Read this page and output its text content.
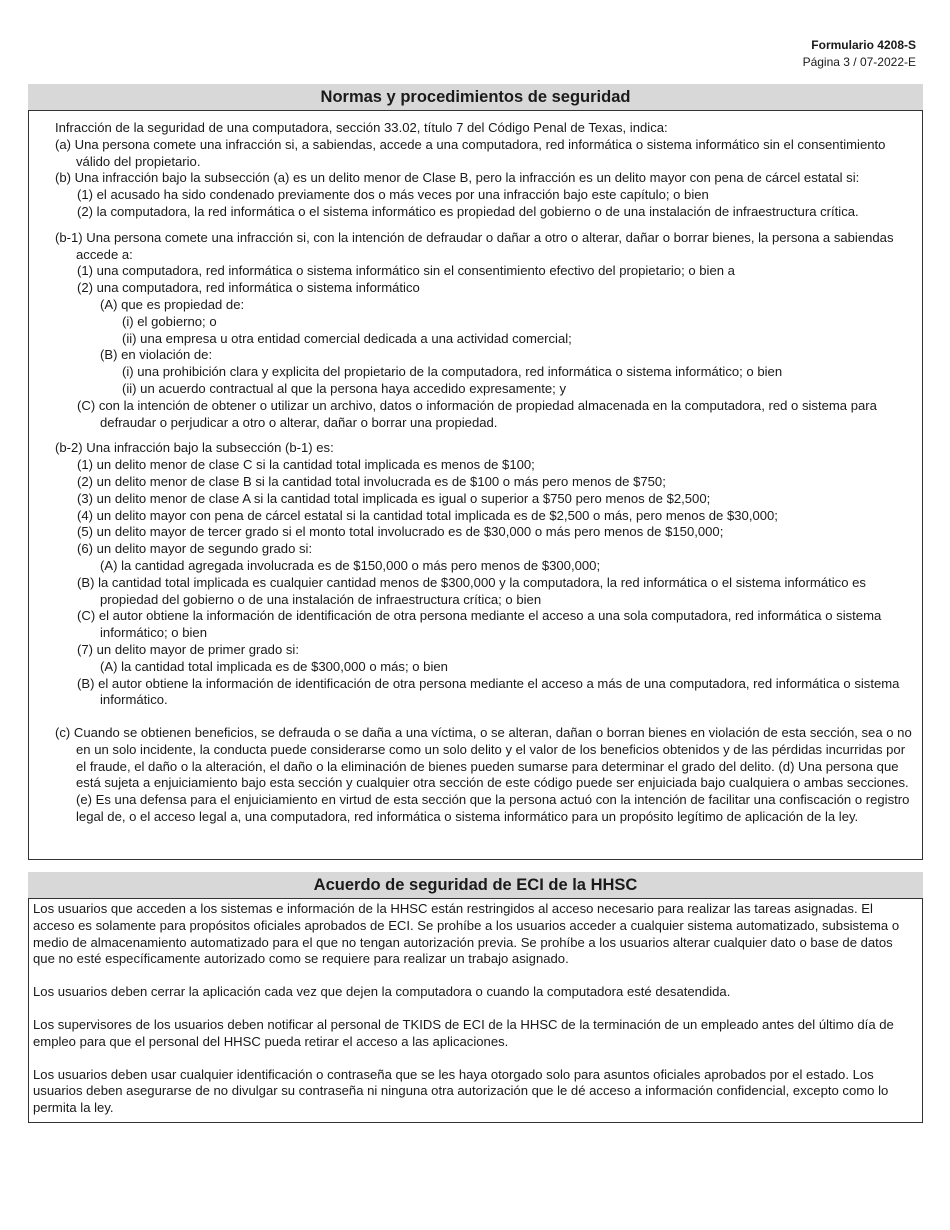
Formulario 4208-S
Página 3 / 07-2022-E
Normas y procedimientos de seguridad

Infracción de la seguridad de una computadora, sección 33.02, título 7 del Código Penal de Texas, indica:

(a) Una persona comete una infracción si, a sabiendas, accede a una computadora, red informática o sistema informático sin el consentimiento válido del propietario.

(b) Una infracción bajo la subsección (a) es un delito menor de Clase B, pero la infracción es un delito mayor con pena de cárcel estatal si:

(1) el acusado ha sido condenado previamente dos o más veces por una infracción bajo este capítulo; o bien

(2) la computadora, la red informática o el sistema informático es propiedad del gobierno o de una instalación de infraestructura crítica.

(b-1) Una persona comete una infracción si, con la intención de defraudar o dañar a otro o alterar, dañar o borrar bienes, la persona a sabiendas accede a:

(1) una computadora, red informática o sistema informático sin el consentimiento efectivo del propietario; o bien a

(2) una computadora, red informática o sistema informático

(A) que es propiedad de:

(i) el gobierno; o

(ii) una empresa u otra entidad comercial dedicada a una actividad comercial;

(B) en violación de:

(i) una prohibición clara y explicita del propietario de la computadora, red informática o sistema informático; o bien

(ii) un acuerdo contractual al que la persona haya accedido expresamente; y

(C) con la intención de obtener o utilizar un archivo, datos o información de propiedad almacenada en la computadora, red o sistema para defraudar o perjudicar a otro o alterar, dañar o borrar una propiedad.

(b-2) Una infracción bajo la subsección (b-1) es:

(1) un delito menor de clase C si la cantidad total implicada es menos de $100;

(2) un delito menor de clase B si la cantidad total involucrada es de $100 o más pero menos de $750;

(3) un delito menor de clase A si la cantidad total implicada es igual o superior a $750 pero menos de $2,500;

(4) un delito mayor con pena de cárcel estatal si la cantidad total implicada es de $2,500 o más, pero menos de $30,000;

(5) un delito mayor de tercer grado si el monto total involucrado es de $30,000 o más pero menos de $150,000;

(6) un delito mayor de segundo grado si:

(A) la cantidad agregada involucrada es de $150,000 o más pero menos de $300,000;

(B) la cantidad total implicada es cualquier cantidad menos de $300,000 y la computadora, la red informática o el sistema informático es propiedad del gobierno o de una instalación de infraestructura crítica; o bien

(C) el autor obtiene la información de identificación de otra persona mediante el acceso a una sola computadora, red informática o sistema informático; o bien

(7) un delito mayor de primer grado si:

(A) la cantidad total implicada es de $300,000 o más; o bien

(B) el autor obtiene la información de identificación de otra persona mediante el acceso a más de una computadora, red informática o sistema informático.

(c) Cuando se obtienen beneficios, se defrauda o se daña a una víctima, o se alteran, dañan o borran bienes en violación de esta sección, sea o no en un solo incidente, la conducta puede considerarse como un solo delito y el valor de los beneficios obtenidos y de las pérdidas incurridas por el fraude, el daño o la alteración, el daño o la eliminación de bienes pueden sumarse para determinar el grado del delito. (d) Una persona que está sujeta a enjuiciamiento bajo esta sección y cualquier otra sección de este código puede ser enjuiciada bajo cualquiera o ambas secciones. (e) Es una defensa para el enjuiciamiento en virtud de esta sección que la persona actuó con la intención de facilitar una confiscación o registro legal de, o el acceso legal a, una computadora, red informática o sistema informático para un propósito legítimo de aplicación de la ley.

Acuerdo de seguridad de ECI de la HHSC

Los usuarios que acceden a los sistemas e información de la HHSC están restringidos al acceso necesario para realizar las tareas asignadas. El acceso es solamente para propósitos oficiales aprobados de ECI. Se prohíbe a los usuarios acceder a cualquier sistema automatizado, subsistema o medio de almacenamiento automatizado para el que no tengan autorización previa. Se prohíbe a los usuarios alterar cualquier dato o base de datos que no esté específicamente autorizado como se requiere para realizar un trabajo asignado.

Los usuarios deben cerrar la aplicación cada vez que dejen la computadora o cuando la computadora esté desatendida.

Los supervisores de los usuarios deben notificar al personal de TKIDS de ECI de la HHSC de la terminación de un empleado antes del último día de empleo para que el personal del HHSC pueda retirar el acceso a las aplicaciones.

Los usuarios deben usar cualquier identificación o contraseña que se les haya otorgado solo para asuntos oficiales aprobados por el estado. Los usuarios deben asegurarse de no divulgar su contraseña ni ninguna otra autorización que le dé acceso a información confidencial, excepto como lo permita la ley.
